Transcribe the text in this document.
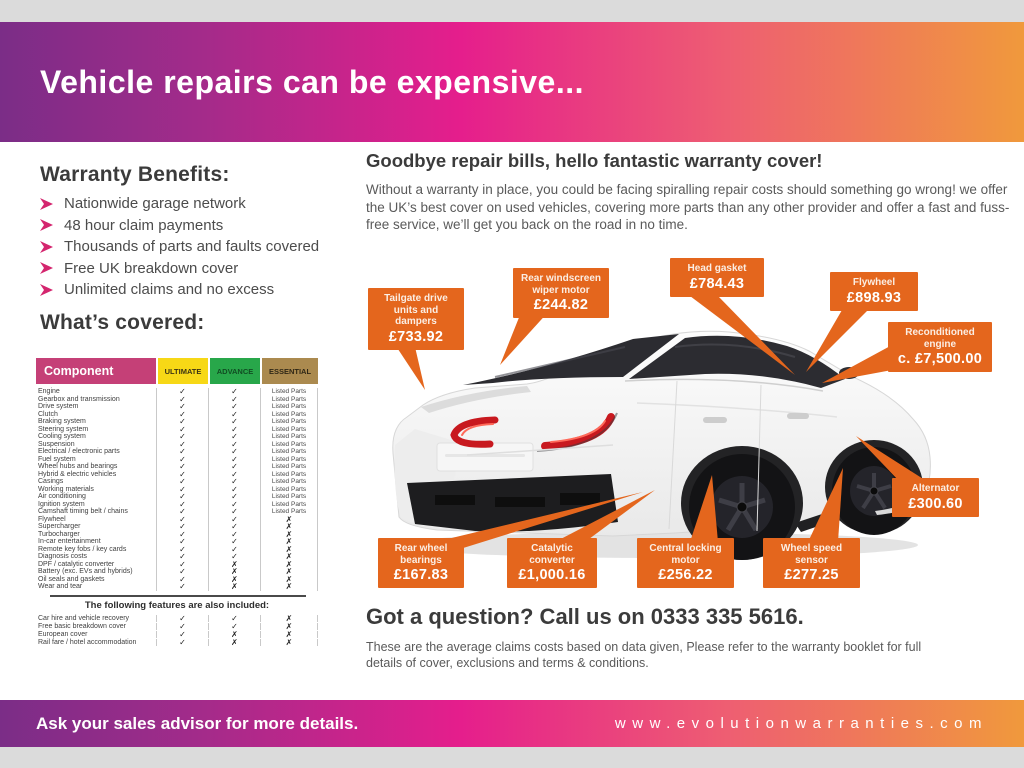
Vehicle repairs can be expensive...
Warranty Benefits:
Nationwide garage network
48 hour claim payments
Thousands of parts and faults covered
Free UK breakdown cover
Unlimited claims and no excess
What’s covered:
Component	ULTIMATE	ADVANCE	ESSENTIAL
Engine	✓	✓	Listed Parts
Gearbox and transmission	✓	✓	Listed Parts
Drive system	✓	✓	Listed Parts
Clutch	✓	✓	Listed Parts
Braking system	✓	✓	Listed Parts
Steering system	✓	✓	Listed Parts
Cooling system	✓	✓	Listed Parts
Suspension	✓	✓	Listed Parts
Electrical / electronic parts	✓	✓	Listed Parts
Fuel system	✓	✓	Listed Parts
Wheel hubs and bearings	✓	✓	Listed Parts
Hybrid & electric vehicles	✓	✓	Listed Parts
Casings	✓	✓	Listed Parts
Working materials	✓	✓	Listed Parts
Air conditioning	✓	✓	Listed Parts
Ignition system	✓	✓	Listed Parts
Camshaft timing belt / chains	✓	✓	Listed Parts
Flywheel	✓	✓	✗
Supercharger	✓	✓	✗
Turbocharger	✓	✓	✗
In-car entertainment	✓	✓	✗
Remote key fobs / key cards	✓	✓	✗
Diagnosis costs	✓	✓	✗
DPF / catalytic converter	✓	✗	✗
Battery (exc. EVs and hybrids)	✓	✗	✗
Oil seals and gaskets	✓	✗	✗
Wear and tear	✓	✗	✗
The following features are also included:
Car hire and vehicle recovery	✓	✓	✗
Free basic breakdown cover	✓	✓	✗
European cover	✓	✗	✗
Rail fare / hotel accommodation	✓	✗	✗
Goodbye repair bills, hello fantastic warranty cover!
Without a warranty in place, you could be facing spiralling repair costs should something go wrong! we offer the UK’s best cover on used vehicles, covering more parts than any other provider and offer a fast and fuss-free service, we’ll get you back on the road in no time.
Tailgate drive units and dampers
£733.92
Rear windscreen wiper motor
£244.82
Head gasket
£784.43	Flywheel
£898.93
Reconditioned engine
c. £7,500.00
Alternator
£300.60
Wheel speed sensor
£277.25
Central locking motor
£256.22
Catalytic converter
£1,000.16
Rear wheel bearings
£167.83
Got a question? Call us on 0333 335 5616.
These are the average claims costs based on data given, Please refer to the warranty booklet for full details of cover, exclusions and terms & conditions.
Ask your sales advisor for more details.	www.evolutionwarranties.com
